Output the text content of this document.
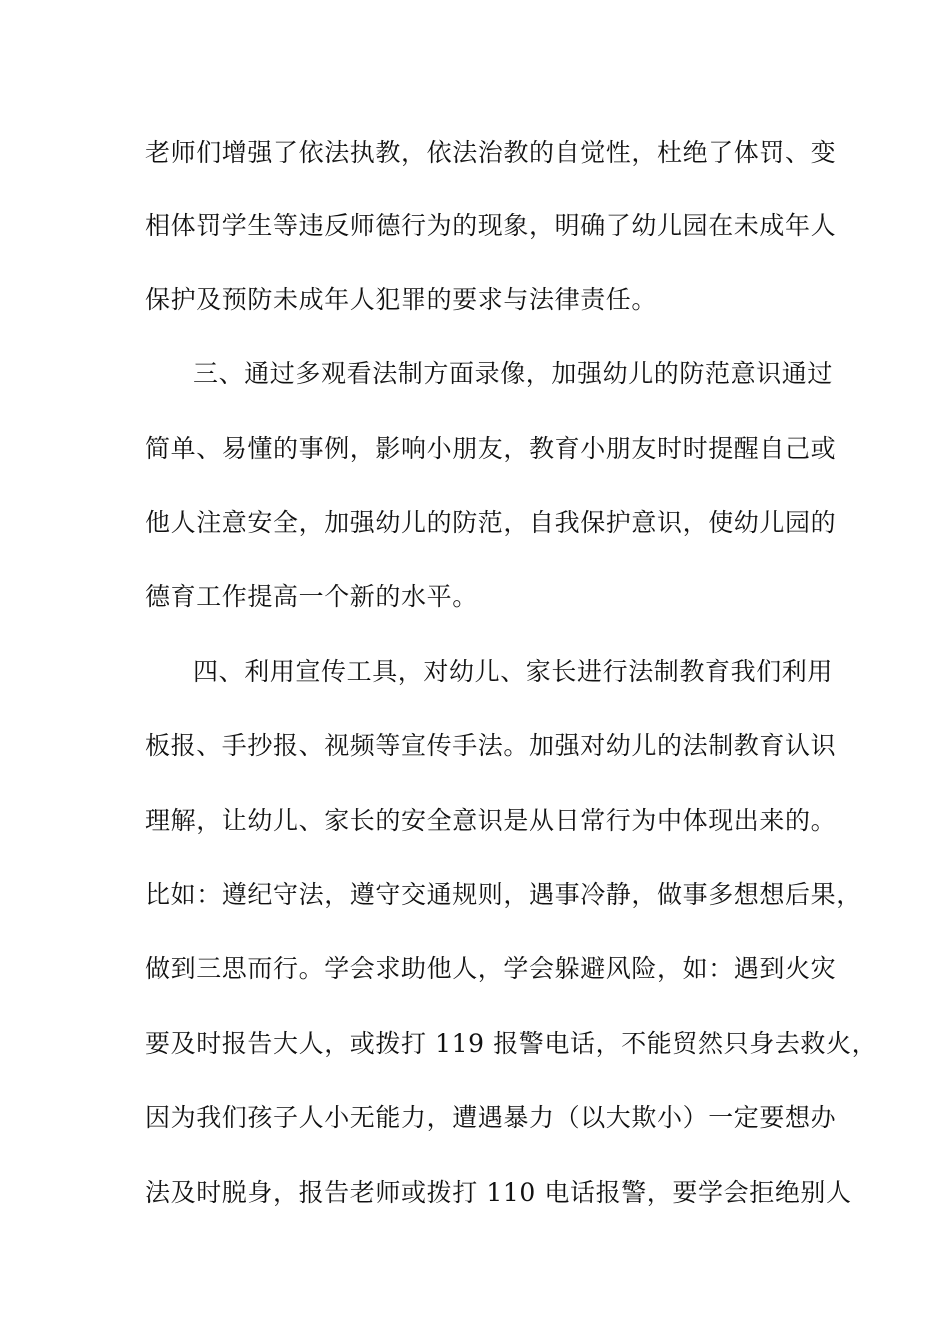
老师们增强了依法执教，依法治教的自觉性，杜绝了体罚、变
相体罚学生等违反师德行为的现象，明确了幼儿园在未成年人
保护及预防未成年人犯罪的要求与法律责任。
三、通过多观看法制方面录像，加强幼儿的防范意识通过
简单、易懂的事例，影响小朋友，教育小朋友时时提醒自己或
他人注意安全，加强幼儿的防范，自我保护意识，使幼儿园的
德育工作提高一个新的水平。
四、利用宣传工具，对幼儿、家长进行法制教育我们利用
板报、手抄报、视频等宣传手法。加强对幼儿的法制教育认识
理解，让幼儿、家长的安全意识是从日常行为中体现出来的。
比如：遵纪守法，遵守交通规则，遇事冷静，做事多想想后果，
做到三思而行。学会求助他人，学会躲避风险，如：遇到火灾
要及时报告大人，或拨打 119 报警电话，不能贸然只身去救火，
因为我们孩子人小无能力，遭遇暴力（以大欺小）一定要想办
法及时脱身，报告老师或拨打 110 电话报警，要学会拒绝别人
